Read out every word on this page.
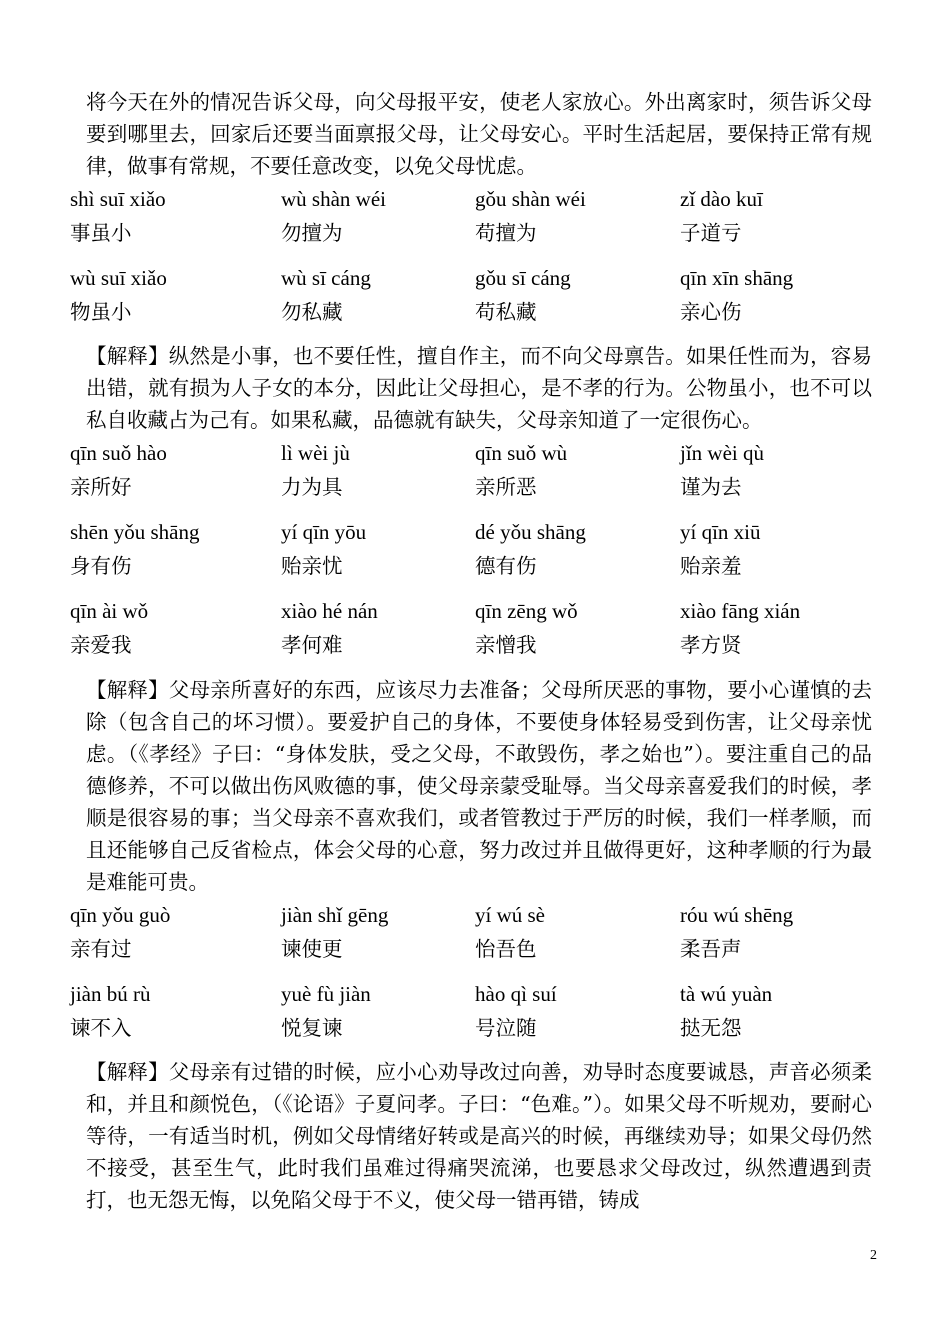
将今天在外的情况告诉父母，向父母报平安，使老人家放心。外出离家时，须告诉父母要到哪里去，回家后还要当面禀报父母，让父母安心。平时生活起居，要保持正常有规律，做事有常规，不要任意改变，以免父母忧虑。
shì suī xiǎo
事虽小
wù shàn wéi
勿擅为
gǒu shàn wéi
苟擅为
zǐ dào kuī
子道亏
wù suī xiǎo
物虽小
wù sī cáng
勿私藏
gǒu sī cáng
苟私藏
qīn xīn shāng
亲心伤
【解释】纵然是小事，也不要任性，擅自作主，而不向父母禀告。如果任性而为，容易出错，就有损为人子女的本分，因此让父母担心，是不孝的行为。公物虽小，也不可以私自收藏占为己有。如果私藏，品德就有缺失，父母亲知道了一定很伤心。
qīn suǒ hào
亲所好
lì wèi jù
力为具
qīn suǒ wù
亲所恶
jǐn wèi qù
谨为去
shēn yǒu shāng
身有伤
yí qīn yōu
贻亲忧
dé yǒu shāng
德有伤
yí qīn xiū
贻亲羞
qīn ài wǒ
亲爱我
xiào hé nán
孝何难
qīn zēng wǒ
亲憎我
xiào fāng xián
孝方贤
【解释】父母亲所喜好的东西，应该尽力去准备；父母所厌恶的事物，要小心谨慎的去除（包含自己的坏习惯）。要爱护自己的身体，不要使身体轻易受到伤害，让父母亲忧虑。（《孝经》子曰：“身体发肤，受之父母，不敢毁伤，孝之始也”）。要注重自己的品德修养，不可以做出伤风败德的事，使父母亲蒙受耻辱。当父母亲喜爱我们的时候，孝顺是很容易的事；当父母亲不喜欢我们，或者管教过于严厉的时候，我们一样孝顺，而且还能够自己反省检点，体会父母的心意，努力改过并且做得更好，这种孝顺的行为最是难能可贵。
qīn yǒu guò
亲有过
jiàn shǐ gēng
谏使更
yí wú sè
怡吾色
róu wú shēng
柔吾声
jiàn bú rù
谏不入
yuè fù jiàn
悦复谏
hào qì suí
号泣随
tà wú yuàn
挞无怨
【解释】父母亲有过错的时候，应小心劝导改过向善，劝导时态度要诚恳，声音必须柔和，并且和颜悦色，（《论语》子夏问孝。子曰：“色难。”）。如果父母不听规劝，要耐心等待，一有适当时机，例如父母情绪好转或是高兴的时候，再继续劝导；如果父母仍然不接受，甚至生气，此时我们虽难过得痛哭流涕，也要恳求父母改过，纵然遭遇到责打，也无怨无悔，以免陷父母于不义，使父母一错再错，铸成
2
